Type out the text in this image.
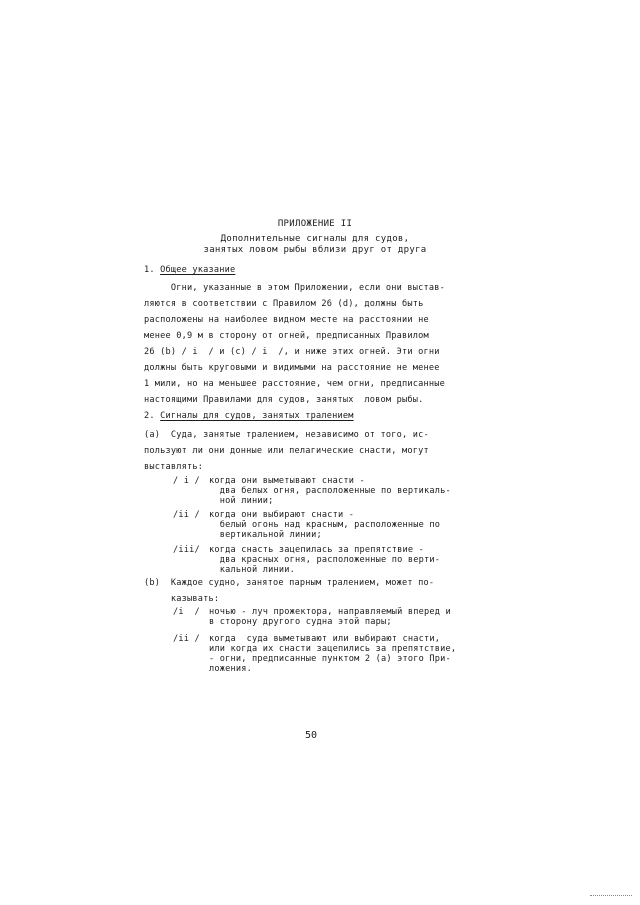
ПРИЛОЖЕНИЕ II
Дополнительные сигналы для судов,
занятых ловом рыбы вблизи друг от друга
1. Общее указание
Огни, указанные в этом Приложении, если они выстав-
ляются в соответствии с Правилом 26 (d), должны быть
расположены на наиболее видном месте на расстоянии не
менее 0,9 м в сторону от огней, предписанных Правилом
26 (b) / i  / и (c) / i  /, и ниже этих огней. Эти огни
должны быть круговыми и видимыми на расстояние не менее
1 мили, но на меньшее расстояние, чем огни, предписанные
настоящими Правилами для судов, занятых  ловом рыбы.
2. Сигналы для судов, занятых тралением
(a)  Суда, занятые тралением, независимо от того, ис-
пользуют ли они донные или пелагические снасти, могут
выставлять:
/ i / когда они выметывают снасти -
два белых огня, расположенные по вертикаль-
ной линии;
/ii / когда они выбирают снасти -
белый огонь над красным, расположенные по
вертикальной линии;
/iii/ когда снасть зацепилась за препятствие -
два красных огня, расположенные по верти-
кальной линии.
(b)  Каждое судно, занятое парным тралением, может по-
казывать:
/i  / ночью - луч прожектора, направляемый вперед и
в сторону другого судна этой пары;
/ii / когда  суда выметывают или выбирают снасти,
или когда их снасти зацепились за препятствие,
- огни, предписанные пунктом 2 (a) этого При-
ложения.
50
